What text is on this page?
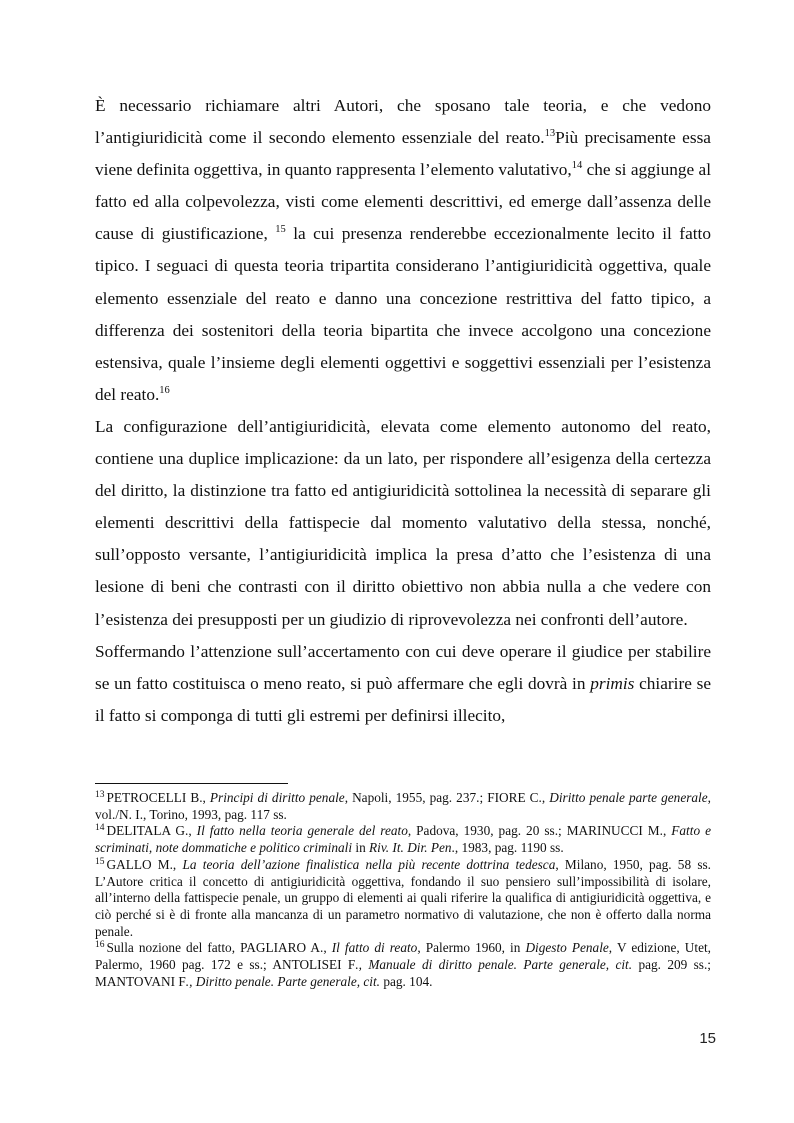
È necessario richiamare altri Autori, che sposano tale teoria, e che vedono l’antigiuridicità come il secondo elemento essenziale del reato.$^{13}$Più precisamente essa viene definita oggettiva, in quanto rappresenta l’elemento valutativo,$^{14}$ che si aggiunge al fatto ed alla colpevolezza, visti come elementi descrittivi, ed emerge dall’assenza delle cause di giustificazione, $^{15}$ la cui presenza renderebbe eccezionalmente lecito il fatto tipico. I seguaci di questa teoria tripartita considerano l’antigiuridicità oggettiva, quale elemento essenziale del reato e danno una concezione restrittiva del fatto tipico, a differenza dei sostenitori della teoria bipartita che invece accolgono una concezione estensiva, quale l’insieme degli elementi oggettivi e soggettivi essenziali per l’esistenza del reato.$^{16}$

La configurazione dell’antigiuridicità, elevata come elemento autonomo del reato, contiene una duplice implicazione: da un lato, per rispondere all’esigenza della certezza del diritto, la distinzione tra fatto ed antigiuridicità sottolinea la necessità di separare gli elementi descrittivi della fattispecie dal momento valutativo della stessa, nonché, sull’opposto versante, l’antigiuridicità implica la presa d’atto che l’esistenza di una lesione di beni che contrasti con il diritto obiettivo non abbia nulla a che vedere con l’esistenza dei presupposti per un giudizio di riprovevolezza nei confronti dell’autore.

Soffermando l’attenzione sull’accertamento con cui deve operare il giudice per stabilire se un fatto costituisca o meno reato, si può affermare che egli dovrà in primis chiarire se il fatto si componga di tutti gli estremi per definirsi illecito,

$^{13}$ PETROCELLI B., Principi di diritto penale, Napoli, 1955, pag. 237.; FIORE C., Diritto penale parte generale, vol./N. I., Torino, 1993, pag. 117 ss.

$^{14}$ DELITALA G., Il fatto nella teoria generale del reato, Padova, 1930, pag. 20 ss.; MARINUCCI M., Fatto e scriminati, note dommatiche e politico criminali in Riv. It. Dir. Pen., 1983, pag. 1190 ss.

$^{15}$ GALLO M., La teoria dell’azione finalistica nella più recente dottrina tedesca, Milano, 1950, pag. 58 ss. L’Autore critica il concetto di antigiuridicità oggettiva, fondando il suo pensiero sull’impossibilità di isolare, all’interno della fattispecie penale, un gruppo di elementi ai quali riferire la qualifica di antigiuridicità oggettiva, e ciò perché si è di fronte alla mancanza di un parametro normativo di valutazione, che non è offerto dalla norma penale.

$^{16}$ Sulla nozione del fatto, PAGLIARO A., Il fatto di reato, Palermo 1960, in Digesto Penale, V edizione, Utet, Palermo, 1960 pag. 172 e ss.; ANTOLISEI F., Manuale di diritto penale. Parte generale, cit. pag. 209 ss.; MANTOVANI F., Diritto penale. Parte generale, cit. pag. 104.

15
